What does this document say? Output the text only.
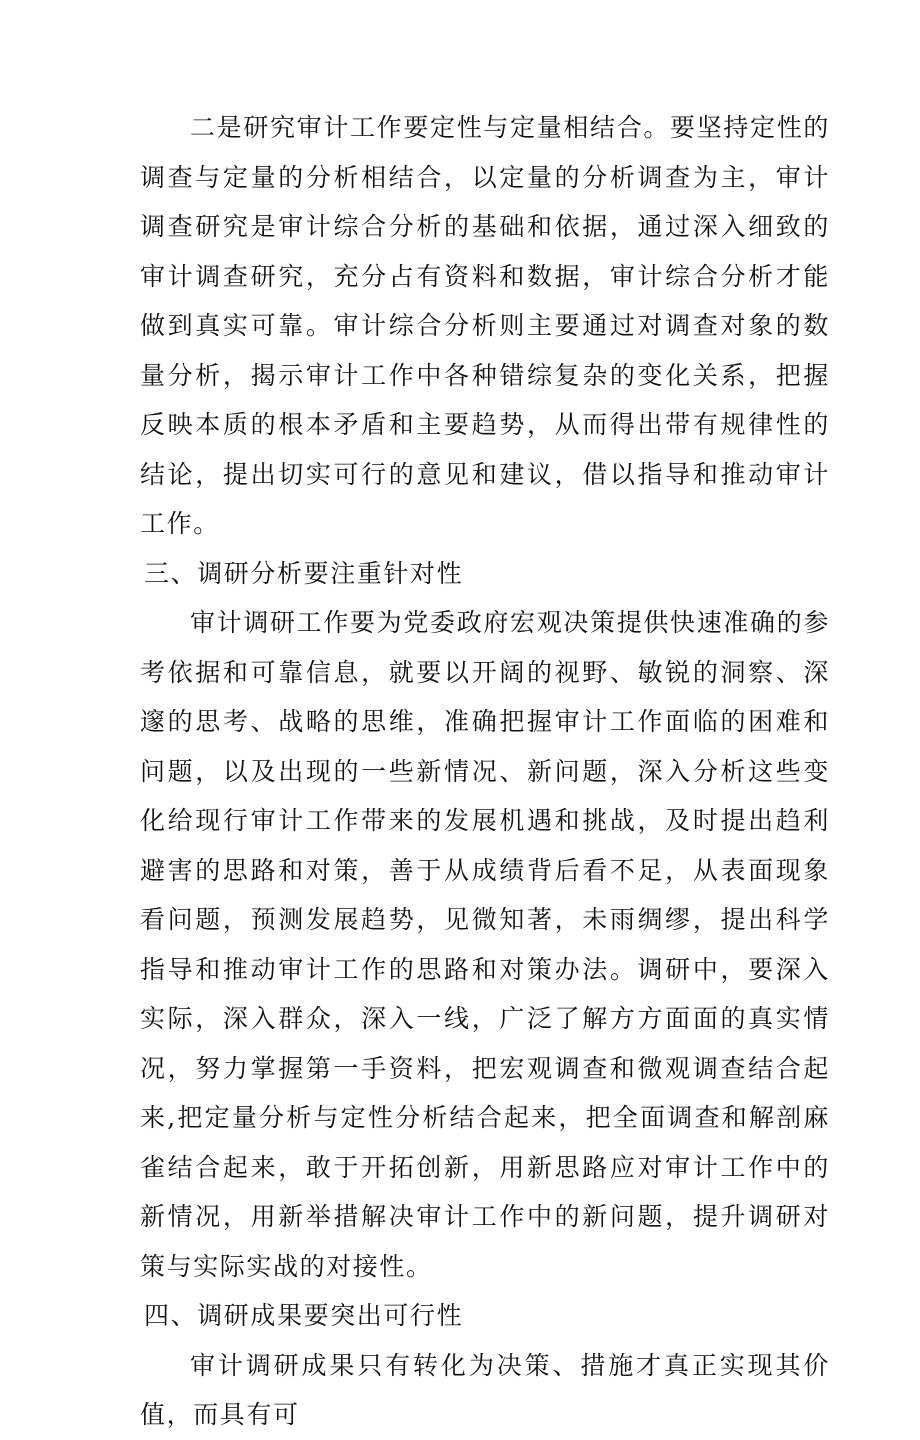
二是研究审计工作要定性与定量相结合。要坚持定性的调查与定量的分析相结合，以定量的分析调查为主，审计调查研究是审计综合分析的基础和依据，通过深入细致的审计调查研究，充分占有资料和数据，审计综合分析才能做到真实可靠。审计综合分析则主要通过对调查对象的数量分析，揭示审计工作中各种错综复杂的变化关系，把握反映本质的根本矛盾和主要趋势，从而得出带有规律性的结论，提出切实可行的意见和建议，借以指导和推动审计工作。

三、调研分析要注重针对性

审计调研工作要为党委政府宏观决策提供快速准确的参考依据和可靠信息，就要以开阔的视野、敏锐的洞察、深邃的思考、战略的思维，准确把握审计工作面临的困难和问题，以及出现的一些新情况、新问题，深入分析这些变化给现行审计工作带来的发展机遇和挑战，及时提出趋利避害的思路和对策，善于从成绩背后看不足，从表面现象看问题，预测发展趋势，见微知著，未雨绸缪，提出科学指导和推动审计工作的思路和对策办法。调研中，要深入实际，深入群众，深入一线，广泛了解方方面面的真实情况，努力掌握第一手资料，把宏观调查和微观调查结合起来,把定量分析与定性分析结合起来，把全面调查和解剖麻雀结合起来，敢于开拓创新，用新思路应对审计工作中的新情况，用新举措解决审计工作中的新问题，提升调研对策与实际实战的对接性。

四、调研成果要突出可行性

审计调研成果只有转化为决策、措施才真正实现其价值，而具有可
